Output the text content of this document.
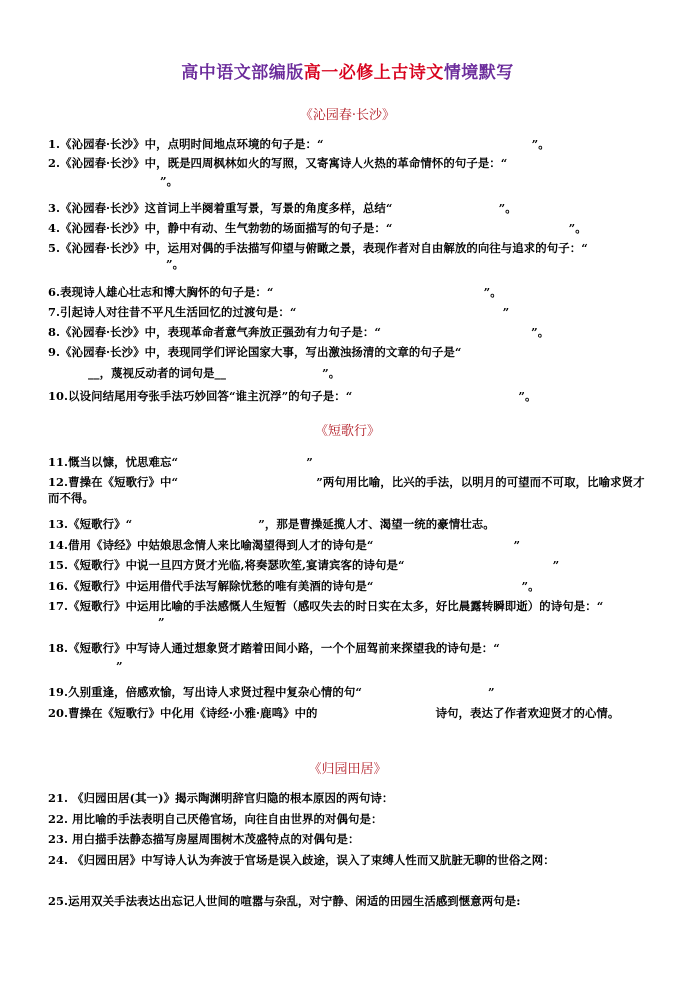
高中语文部编版高一必修上古诗文情境默写
《沁园春·长沙》
1.《沁园春·长沙》中，点明时间地点环境的句子是：“	”。
2.《沁园春·长沙》中，既是四周枫林如火的写照，又寄寓诗人火热的革命情怀的句子是：“
”。
3.《沁园春·长沙》这首词上半阕着重写景，写景的角度多样，总结“	”。
4.《沁园春·长沙》中，静中有动、生气勃勃的场面描写的句子是：“	”。
5.《沁园春·长沙》中，运用对偶的手法描写仰望与俯瞰之景，表现作者对自由解放的向往与追求的句子：“”。
6.表现诗人雄心壮志和博大胸怀的句子是：“	”。
7.引起诗人对往昔不平凡生活回忆的过渡句是：“	”
8.《沁园春·长沙》中，表现革命者意气奔放正强劲有力句子是：“	”。
9.《沁园春·长沙》中，表现同学们评论国家大事，写出激浊扬清的文章的句子是“
__，蔑视反动者的词句是__	”。
10.以设问结尾用夸张手法巧妙回答“谁主沉浮”的句子是：“	”。
《短歌行》
11.慨当以慷，忧思难忘“	”
12.曹操在《短歌行》中“	”两句用比喻，比兴的手法，以明月的可望而不可取，比喻求贤才而不得。
13.《短歌行》“	”，那是曹操延揽人才、渴望一统的豪情壮志。
14.借用《诗经》中姑娘思念情人来比喻渴望得到人才的诗句是“	”
15.《短歌行》中说一旦四方贤才光临,将奏瑟吹笙,宴请宾客的诗句是“	”
16.《短歌行》中运用借代手法写解除忧愁的唯有美酒的诗句是“	”。
17.《短歌行》中运用比喻的手法感慨人生短暂（感叹失去的时日实在太多，好比晨露转瞬即逝）的诗句是：“”
18.《短歌行》中写诗人通过想象贤才踏着田间小路，一个个屈驾前来探望我的诗句是：“
”
19.久别重逢，倍感欢愉，写出诗人求贤过程中复杂心情的句“	”
20.曹操在《短歌行》中化用《诗经·小雅·鹿鸣》中的	诗句，表达了作者欢迎贤才的心情。
《归园田居》
21. 《归园田居(其一)》揭示陶渊明辞官归隐的根本原因的两句诗：
22. 用比喻的手法表明自己厌倦官场，向往自由世界的对偶句是：
23. 用白描手法静态描写房屋周围树木茂盛特点的对偶句是：
24. 《归园田居》中写诗人认为奔波于官场是误入歧途，误入了束缚人性而又肮脏无聊的世俗之网：
25.运用双关手法表达出忘记人世间的喧嚣与杂乱，对宁静、闲适的田园生活感到惬意两句是:
